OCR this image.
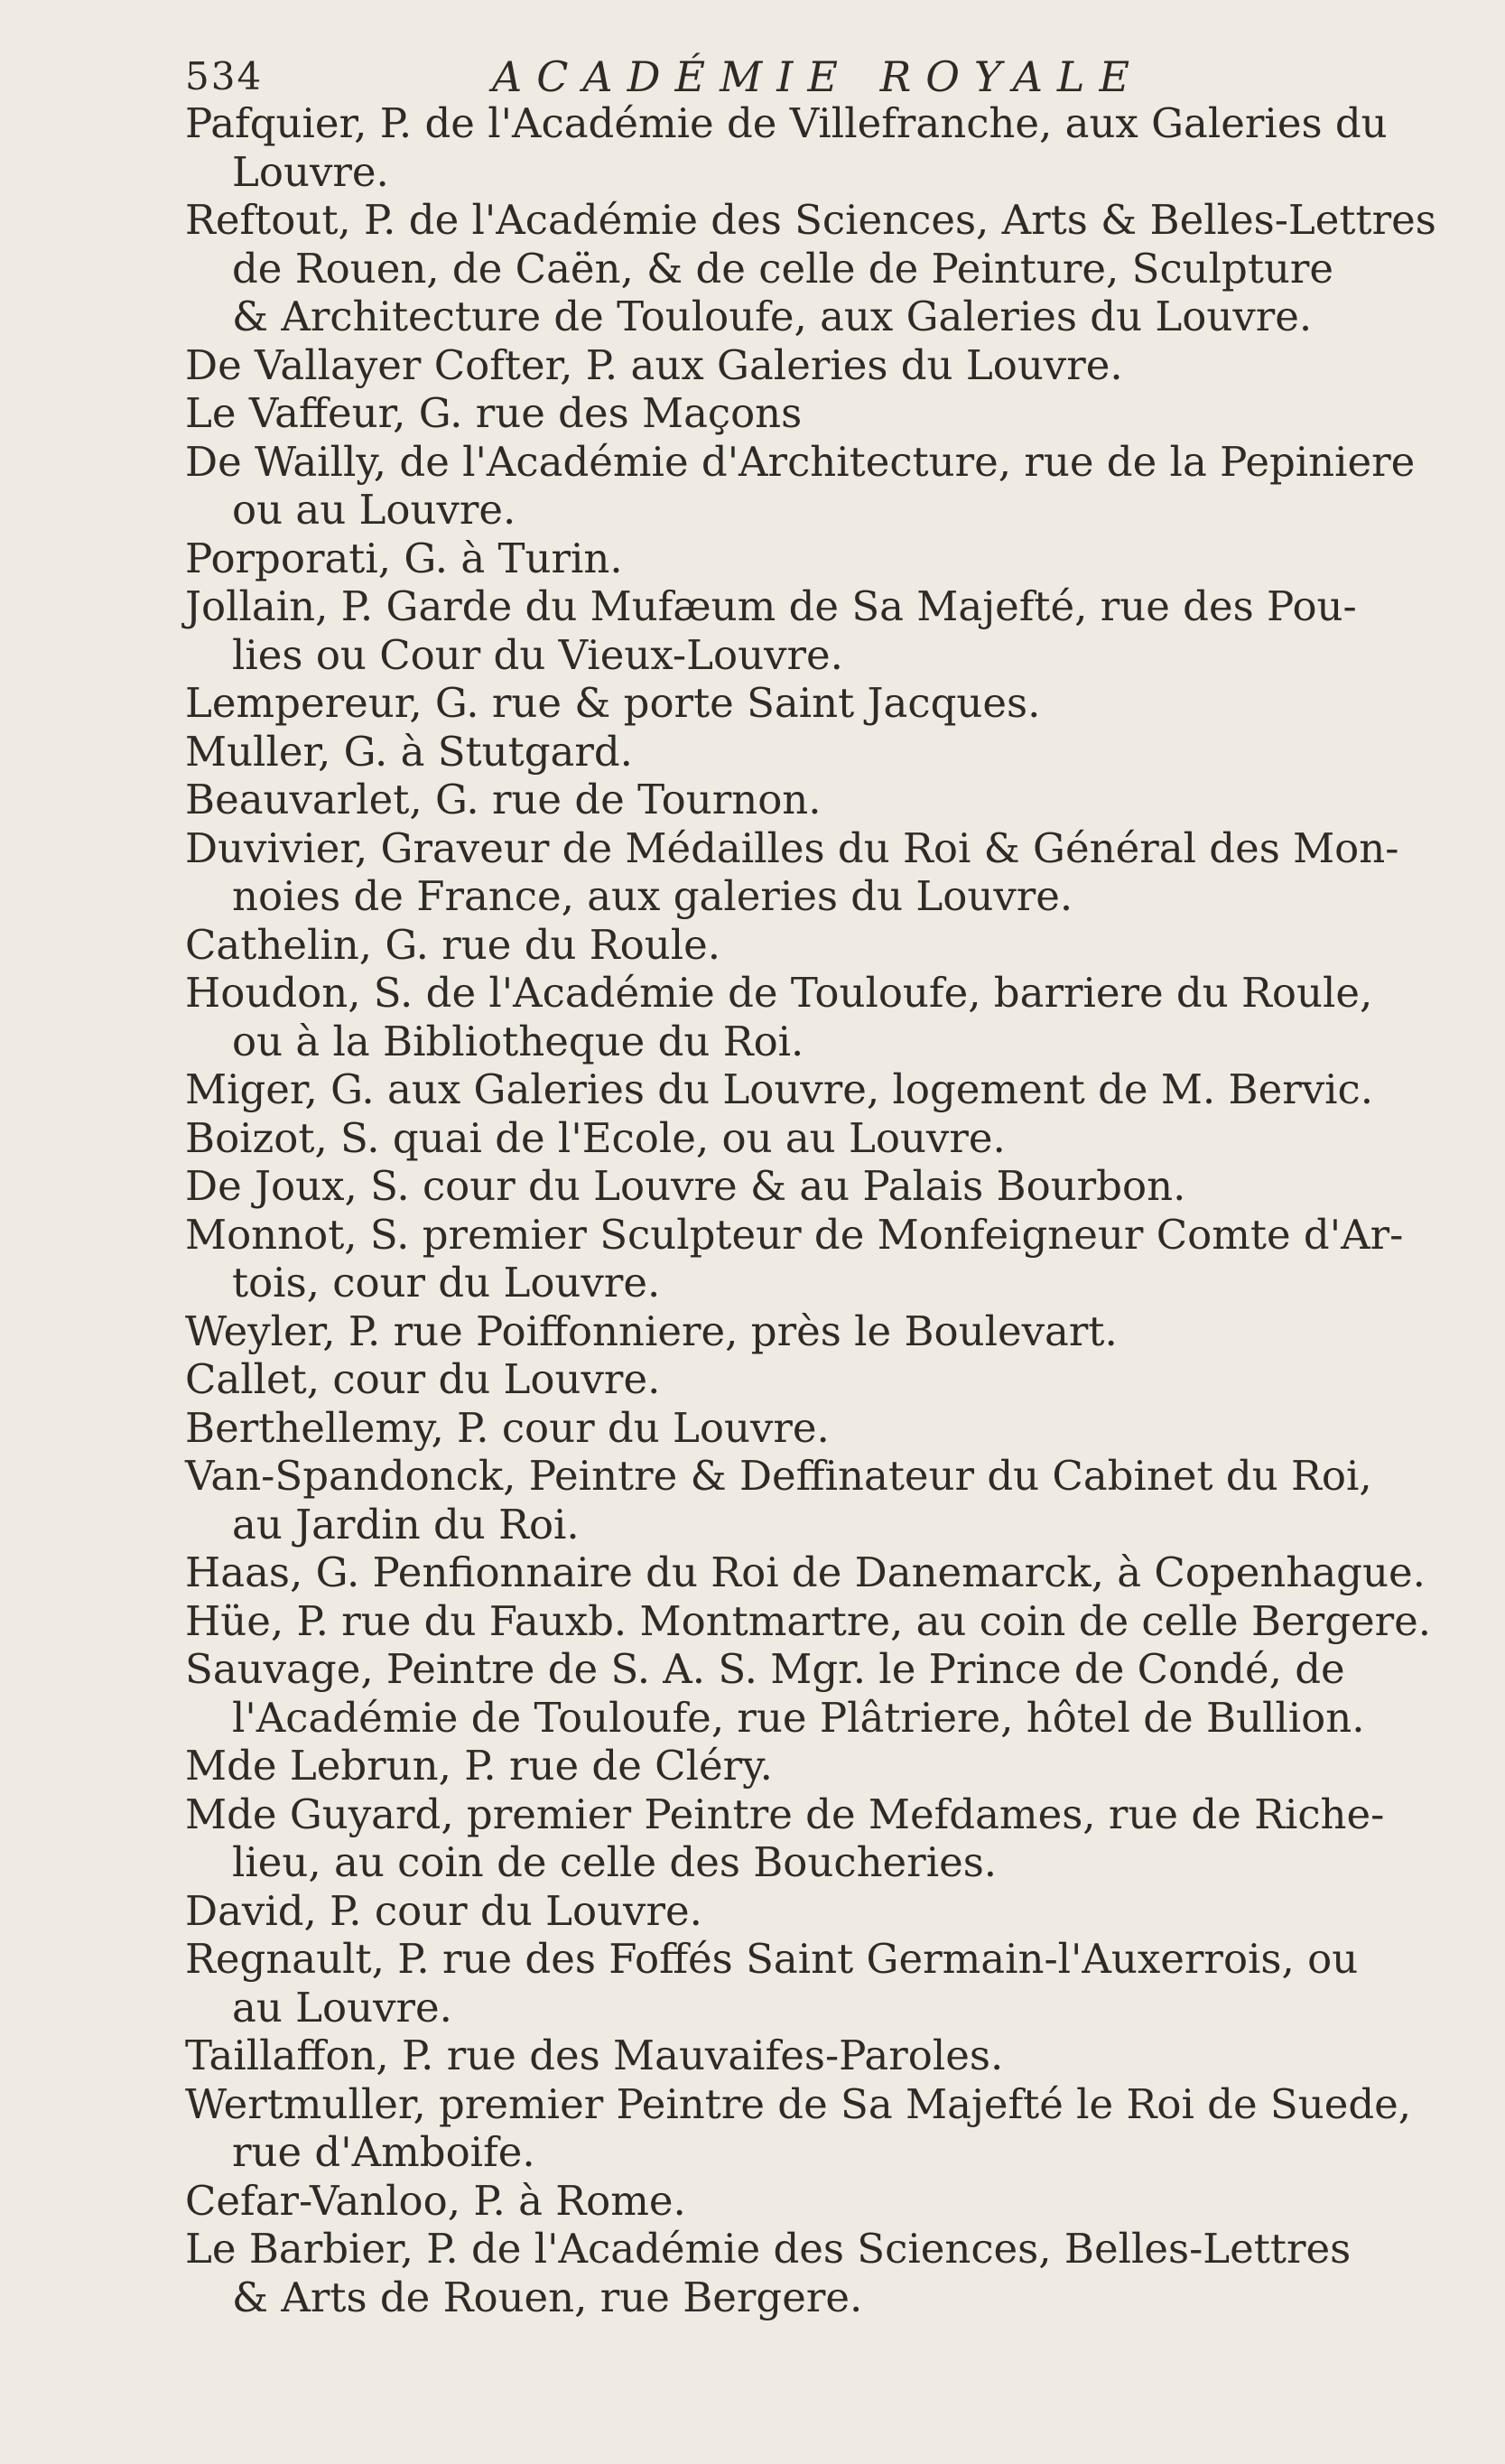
534	ACADÉMIE ROYALE
Pafquier, P. de l'Académie de Villefranche, aux Galeries du
Louvre.
Reftout, P. de l'Académie des Sciences, Arts & Belles-Lettres
de Rouen, de Caën, & de celle de Peinture, Sculpture
& Architecture de Touloufe, aux Galeries du Louvre.
De Vallayer Cofter, P. aux Galeries du Louvre.
Le Vaffeur, G. rue des Maçons
De Wailly, de l'Académie d'Architecture, rue de la Pepiniere
ou au Louvre.
Porporati, G. à Turin.
Jollain, P. Garde du Mufæum de Sa Majefté, rue des Pou-
lies ou Cour du Vieux-Louvre.
Lempereur, G. rue & porte Saint Jacques.
Muller, G. à Stutgard.
Beauvarlet, G. rue de Tournon.
Duvivier, Graveur de Médailles du Roi & Général des Mon-
noies de France, aux galeries du Louvre.
Cathelin, G. rue du Roule.
Houdon, S. de l'Académie de Touloufe, barriere du Roule,
ou à la Bibliotheque du Roi.
Miger, G. aux Galeries du Louvre, logement de M. Bervic.
Boizot, S. quai de l'Ecole, ou au Louvre.
De Joux, S. cour du Louvre & au Palais Bourbon.
Monnot, S. premier Sculpteur de Monfeigneur Comte d'Ar-
tois, cour du Louvre.
Weyler, P. rue Poiffonniere, près le Boulevart.
Callet, cour du Louvre.
Berthellemy, P. cour du Louvre.
Van-Spandonck, Peintre & Deffinateur du Cabinet du Roi,
au Jardin du Roi.
Haas, G. Penfionnaire du Roi de Danemarck, à Copenhague.
Hüe, P. rue du Fauxb. Montmartre, au coin de celle Bergere.
Sauvage, Peintre de S. A. S. Mgr. le Prince de Condé, de
l'Académie de Touloufe, rue Plâtriere, hôtel de Bullion.
Mde Lebrun, P. rue de Cléry.
Mde Guyard, premier Peintre de Mefdames, rue de Riche-
lieu, au coin de celle des Boucheries.
David, P. cour du Louvre.
Regnault, P. rue des Foffés Saint Germain-l'Auxerrois, ou
au Louvre.
Taillaffon, P. rue des Mauvaifes-Paroles.
Wertmuller, premier Peintre de Sa Majefté le Roi de Suede,
rue d'Amboife.
Cefar-Vanloo, P. à Rome.
Le Barbier, P. de l'Académie des Sciences, Belles-Lettres
& Arts de Rouen, rue Bergere.
